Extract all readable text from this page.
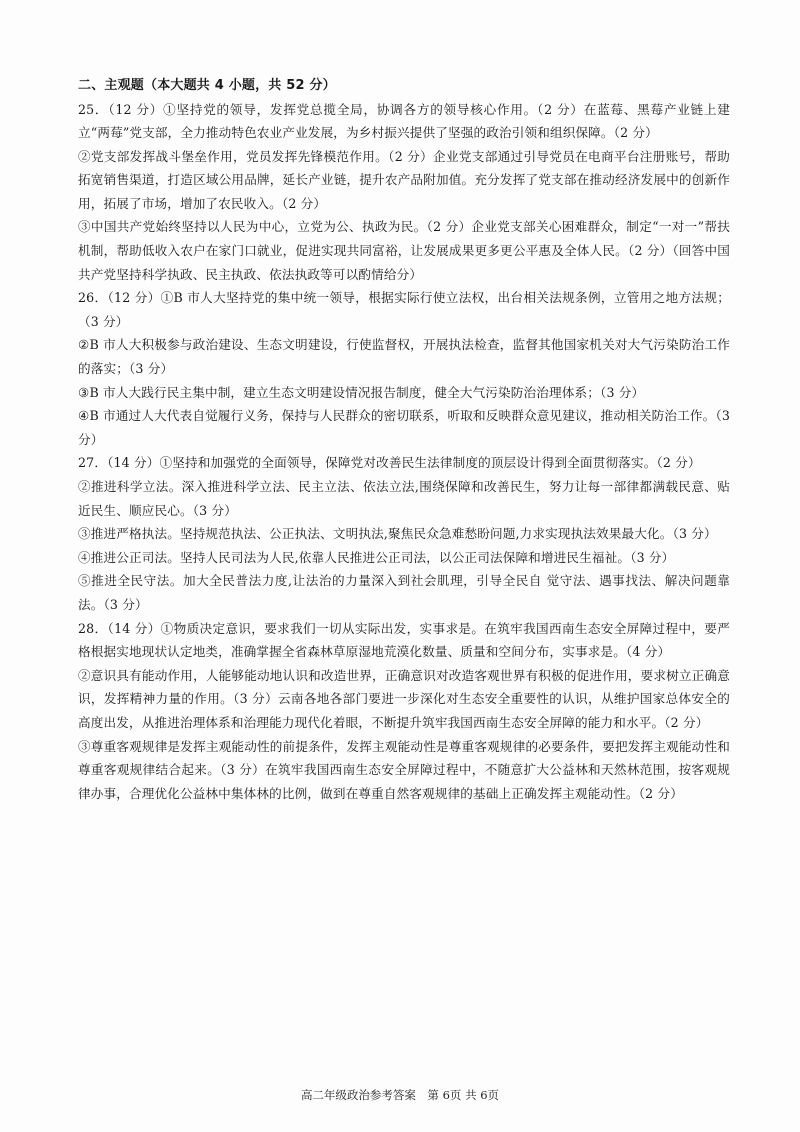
二、主观题（本大题共 4 小题，共 52 分）

25．（12 分）①坚持党的领导，发挥党总揽全局，协调各方的领导核心作用。（2 分）在蓝莓、黑莓产业链上建立“两莓”党支部，全力推动特色农业产业发展，为乡村振兴提供了坚强的政治引领和组织保障。（2 分）

②党支部发挥战斗堡垒作用，党员发挥先锋模范作用。（2 分）企业党支部通过引导党员在电商平台注册账号，帮助拓宽销售渠道，打造区域公用品牌，延长产业链，提升农产品附加值。充分发挥了党支部在推动经济发展中的创新作用，拓展了市场，增加了农民收入。（2 分）

③中国共产党始终坚持以人民为中心，立党为公、执政为民。（2 分）企业党支部关心困难群众，制定“一对一”帮扶机制，帮助低收入农户在家门口就业，促进实现共同富裕，让发展成果更多更公平惠及全体人民。（2 分）（回答中国共产党坚持科学执政、民主执政、依法执政等可以酌情给分）

26．（12 分）①B 市人大坚持党的集中统一领导，根据实际行使立法权，出台相关法规条例，立管用之地方法规；（3 分）

②B 市人大积极参与政治建设、生态文明建设，行使监督权，开展执法检查，监督其他国家机关对大气污染防治工作的落实；（3 分）

③B 市人大践行民主集中制，建立生态文明建设情况报告制度，健全大气污染防治治理体系；（3 分）

④B 市通过人大代表自觉履行义务，保持与人民群众的密切联系，听取和反映群众意见建议，推动相关防治工作。（3 分）

27．（14 分）①坚持和加强党的全面领导，保障党对改善民生法律制度的顶层设计得到全面贯彻落实。（2 分）

②推进科学立法。深入推进科学立法、民主立法、依法立法,围绕保障和改善民生，努力让每一部律都满载民意、贴近民生、顺应民心。（3 分）

③推进严格执法。坚持规范执法、公正执法、文明执法,聚焦民众急难愁盼问题,力求实现执法效果最大化。（3 分）

④推进公正司法。坚持人民司法为人民,依靠人民推进公正司法，以公正司法保障和增进民生福祉。（3 分）

⑤推进全民守法。加大全民普法力度,让法治的力量深入到社会肌理，引导全民自 觉守法、遇事找法、解决问题靠法。（3 分）

28．（14 分）①物质决定意识，要求我们一切从实际出发，实事求是。在筑牢我国西南生态安全屏障过程中，要严格根据实地现状认定地类，准确掌握全省森林草原湿地荒漠化数量、质量和空间分布，实事求是。（4 分）

②意识具有能动作用，人能够能动地认识和改造世界，正确意识对改造客观世界有积极的促进作用，要求树立正确意识，发挥精神力量的作用。（3 分）云南各地各部门要进一步深化对生态安全重要性的认识，从维护国家总体安全的高度出发，从推进治理体系和治理能力现代化着眼，不断提升筑牢我国西南生态安全屏障的能力和水平。（2 分）

③尊重客观规律是发挥主观能动性的前提条件，发挥主观能动性是尊重客观规律的必要条件，要把发挥主观能动性和尊重客观规律结合起来。（3 分）在筑牢我国西南生态安全屏障过程中，不随意扩大公益林和天然林范围，按客观规律办事，合理优化公益林中集体林的比例，做到在尊重自然客观规律的基础上正确发挥主观能动性。（2 分）

高二年级政治参考答案　第 6页 共 6页
